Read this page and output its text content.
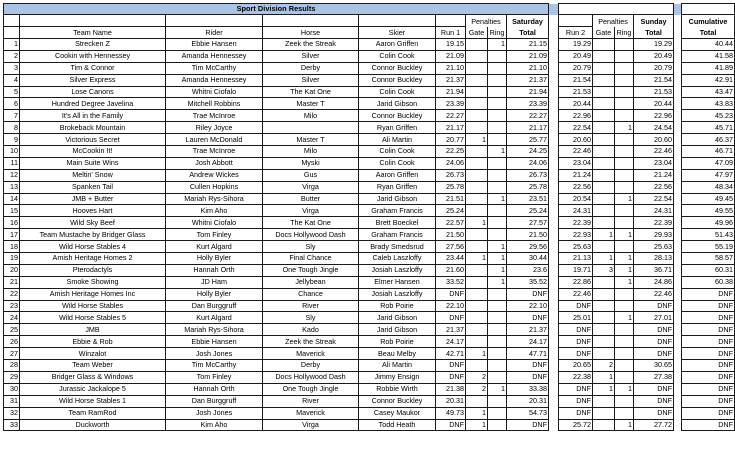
Sport Division Results															
						Penalties		Saturday			Penalties		Sunday		Cumulative
	Team Name	Rider	Horse	Skier	Run 1	Gate	Ring	Total		Run 2	Gate	Ring	Total		Total
1	Strecken Z	Ebbie Hansen	Zeek the Streak	Aaron Griffen	19.15		1	21.15		19.29			19.29		40.44
2	Cookin with Hennessey	Amanda Hennessey	Silver	Colin Cook	21.09			21.09		20.49			20.49		41.58
3	Tim & Connor	Tim McCarthy	Derby	Connor Buckley	21.10			21.10		20.79			20.79		41.89
4	Silver Express	Amanda Hennessey	Silver	Connor Buckley	21.37			21.37		21.54			21.54		42.91
5	Lose Canons	Whitni Ciofalo	The Kat One	Colin Cook	21.94			21.94		21.53			21.53		43.47
6	Hundred Degree Javelina	Mitchell Robbins	Master T	Jarid Gibson	23.39			23.39		20.44			20.44		43.83
7	It's All in the Family	Trae McInroe	Milo	Connor Buckley	22.27			22.27		22.96			22.96		45.23
8	Brokeback Mountain	Riley Joyce		Ryan Griffen	21.17			21.17		22.54		1	24.54		45.71
9	Victorious Secret	Lauren McDonald	Master T	Ali Martin	20.77	1		25.77		20.60			20.60		46.37
10	McCookin It!	Trae McInroe	Milo	Colin Cook	22.25		1	24.25		22.46			22.46		46.71
11	Main Suite Wins	Josh Abbott	Myski	Colin Cook	24.06			24.06		23.04			23.04		47.09
12	Meltin' Snow	Andrew Wickes	Gus	Aaron Griffen	26.73			26.73		21.24			21.24		47.97
13	Spanken Tail	Cullen Hopkins	Virga	Ryan Griffen	25.78			25.78		22.56			22.56		48.34
14	JMB + Butter	Mariah Rys-Sihora	Butter	Jarid Gibson	21.51		1	23.51		20.54		1	22.54		49.45
15	Hooves Hart	Kim Aho	Virga	Graham Francis	25.24			25.24		24.31			24.31		49.55
16	Wild Sky Beef	Whitni Ciofalo	The Kat One	Brett Boeckel	22.57	1		27.57		22.39			22.39		49.96
17	Team Mustache by Bridger Glass	Tom Finley	Docs Hollywood Dash	Graham Francis	21.50			21.50		22.93	1	1	29.93		51.43
18	Wild Horse Stables 4	Kurt Algard	Sly	Brady Smedsrud	27.56		1	29.56		25.63			25.63		55.19
19	Amish Heritage Homes 2	Holly Byler	Final Chance	Caleb Laszloffy	23.44	1	1	30.44		21.13	1	1	28.13		58.57
20	Pterodactyls	Hannah Orth	One Tough Jingle	Josiah Laszloffy	21.60		1	23.6		19.71	3	1	36.71		60.31
21	Smoke Showing	JD Ham	Jellybean	Elmer Hansen	33.52		1	35.52		22.86		1	24.86		60.38
22	Amish Heritage Homes Inc	Holly Byler	Chance	Josiah Laszloffy	DNF			DNF		22.46			22.46		DNF
23	Wild Horse Stables	Dan Burggruff	River	Rob Poirie	22.10			22.10		DNF			DNF		DNF
24	Wild Horse Stables 5	Kurt Algard	Sly	Jarid Gibson	DNF			DNF		25.01		1	27.01		DNF
25	JMB	Mariah Rys-Sihora	Kado	Jarid Gibson	21.37			21.37		DNF			DNF		DNF
26	Ebbie & Rob	Ebbie Hansen	Zeek the Streak	Rob Poirie	24.17			24.17		DNF			DNF		DNF
27	Winzalot	Josh Jones	Maverick	Beau Melby	42.71	1		47.71		DNF			DNF		DNF
28	Team Weber	Tim McCarthy	Derby	Ali Martin	DNF			DNF		20.65	2		30.65		DNF
29	Bridger Glass & Windows	Tom Finley	Docs Hollywood Dash	Jimmy Ensign	DNF	2		DNF		22.38	1		27.38		DNF
30	Jurassic Jackalope 5	Hannah Orth	One Tough Jingle	Robbie Wirth	21.38	2	1	33.38		DNF	1	1	DNF		DNF
31	Wild Horse Stables 1	Dan Burggruff	River	Connor Buckley	20.31			20.31		DNF			DNF		DNF
32	Team RamRod	Josh Jones	Maverick	Casey Maukor	49.73	1		54.73		DNF			DNF		DNF
33	Duckworth	Kim Aho	Virga	Todd Heath	DNF	1		DNF		25.72		1	27.72		DNF
